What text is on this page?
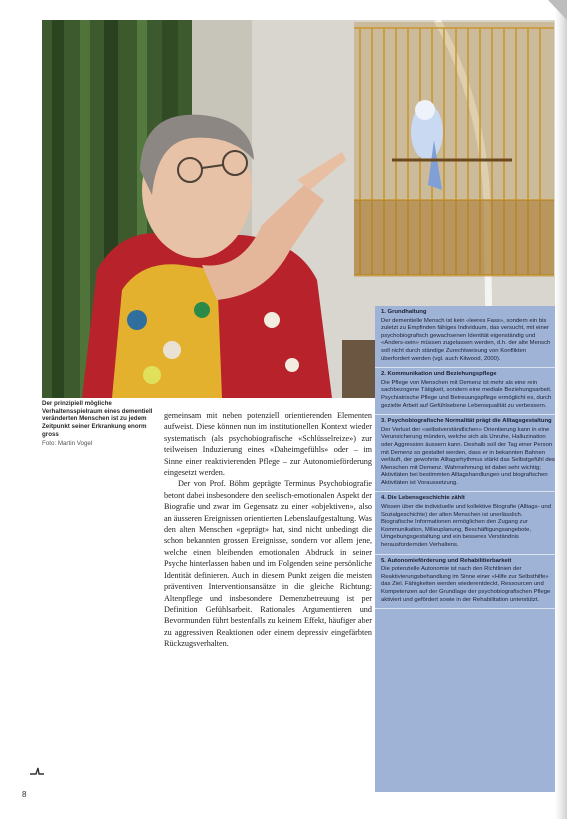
Der prinzipiell mögliche Verhaltensspielraum eines dementiell veränderten Menschen ist zu jedem Zeitpunkt seiner Erkrankung enorm gross
Foto: Martin Vogel

gemeinsam mit neben potenziell orientierenden Elementen aufweist. Diese können nun im institutionellen Kontext wieder systematisch (als psychobiografische «Schlüsselreize») zur teilweisen Induzierung eines «Daheimgefühls» oder – im Sinne einer reaktivierenden Pflege – zur Autonomieförderung eingesetzt werden.

Der von Prof. Böhm geprägte Terminus Psychobiografie betont dabei insbesondere den seelisch-emotionalen Aspekt der Biografie und zwar im Gegensatz zu einer «objektiven», also an äusseren Ereignissen orientierten Lebenslaufgestaltung. Was den alten Menschen «geprägt» hat, sind nicht unbedingt die schon bekannten grossen Ereignisse, sondern vor allem jene, welche einen bleibenden emotionalen Abdruck in seiner Psyche hinterlassen haben und im Folgenden seine persönliche Identität definieren. Auch in diesem Punkt zeigen die meisten präventiven Interventionsansätze in die gleiche Richtung: Altenpflege und insbesondere Demenzbetreuung ist per Definition Gefühlsarbeit. Rationales Argumentieren und Bevormunden führt bestenfalls zu keinem Effekt, häufiger aber zu aggressiven Reaktionen oder einem depressiv eingefärbten Rückzugsverhalten.

1. Grundhaltung
Der dementielle Mensch ist kein «leeres Fass», sondern ein bis zuletzt zu Empfinden fähiges Individuum, das versucht, mit einer psychobiografisch gewachsenen Identität eigenständig und «Anders-sein» müssen zugelassen werden, d.h. der alte Mensch soll nicht durch ständige Zurechtweisung von Konflikten überfordert werden (vgl. auch Kitwood, 2000).
2. Kommunikation und Beziehungspflege
Die Pflege von Menschen mit Demenz ist mehr als eine rein sachbezogene Tätigkeit, sondern eine mediale Beziehungsarbeit. Psychiatrische Pflege und Betreuungspflege ermöglicht es, durch gezielte Arbeit auf Gefühlsebene Lebensqualität zu verbessern.
3. Psychobiografische Normalität prägt die Alltagsgestaltung
Der Verlust der «selbstverständlichen» Orientierung kann in eine Verunsicherung münden, welche sich als Unruhe, Halluzination oder Aggression äussern kann. Deshalb soll der Tag einer Person mit Demenz so gestaltet werden, dass er in bekannten Bahnen verläuft, der gewohnte Alltagsrhythmus stärkt das Selbstgefühl des Menschen mit Demenz. Wahrnehmung ist dabei sehr wichtig; Aktivitäten bei bestimmten Alltagshandlungen und biografischen Aktivitäten ist Voraussetzung.
4. Die Lebensgeschichte zählt
Wissen über die individuelle und kollektive Biografie (Alltags- und Sozialgeschichte) der alten Menschen ist unerlässlich. Biografische Informationen ermöglichen den Zugang zur Kommunikation, Milieuplanung, Beschäftigungsangebote, Umgebungsgestaltung und ein besseres Verständnis herausfordernden Verhaltens.
5. Autonomieförderung und Rehabilitierbarkeit
Die potenzielle Autonomie ist nach den Richtlinien der Reaktivierungsbehandlung im Sinne einer «Hilfe zur Selbsthilfe» das Ziel. Fähigkeiten werden wiederentdeckt, Ressourcen und Kompetenzen auf der Grundlage der psychobiografischen Pflege aktiviert und gefördert sowie in der Rehabilitation unterstützt.
8
